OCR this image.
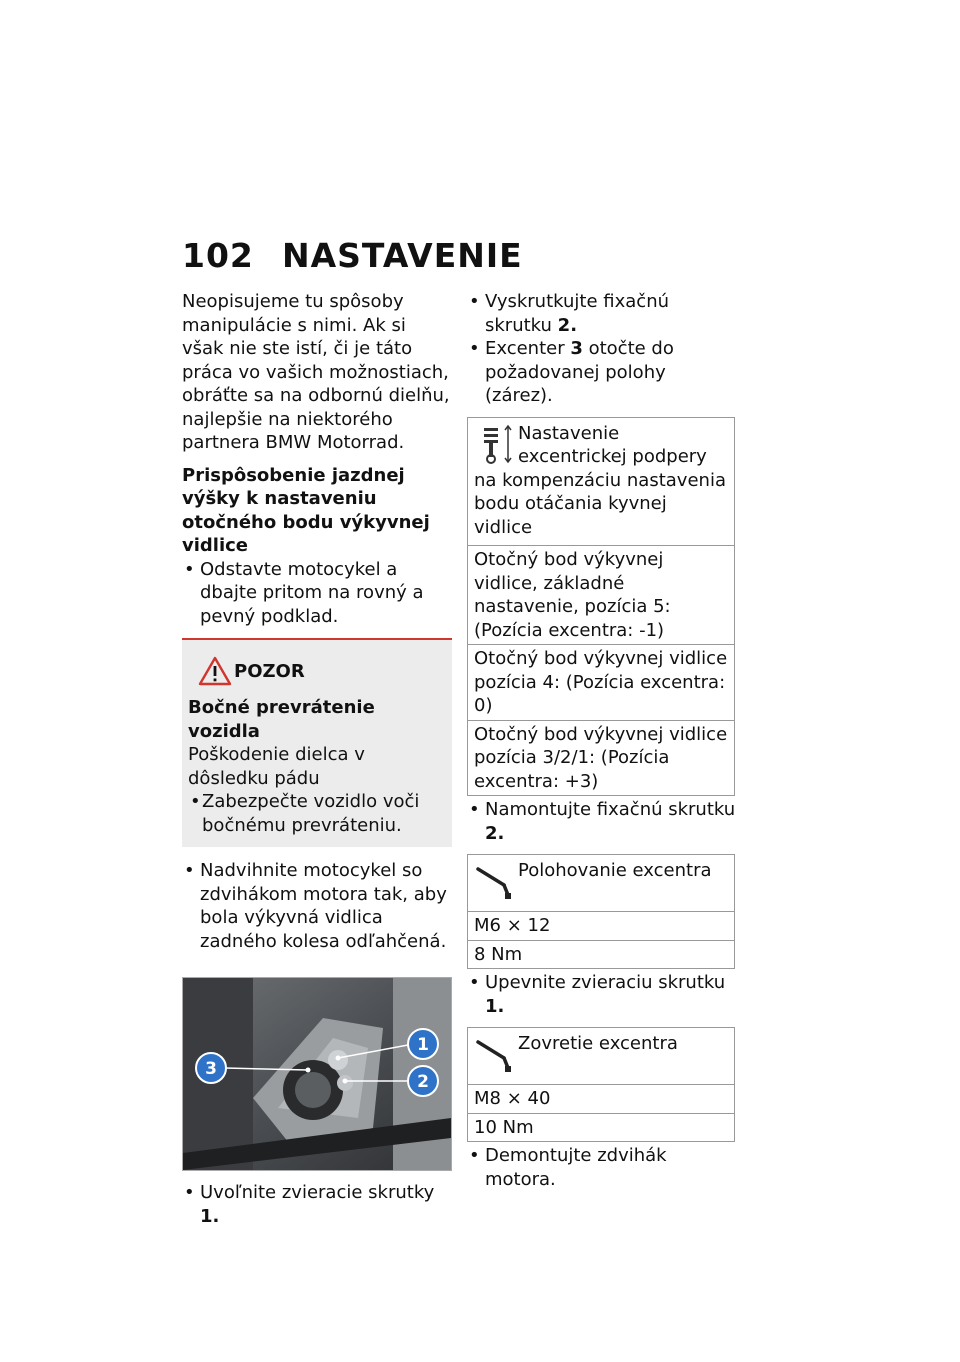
102 NASTAVENIE

Neopisujeme tu spôsoby manipulácie s nimi. Ak si však nie ste istí, či je táto práca vo vašich možnostiach, obráťte sa na odbornú dielňu, najlepšie na niektorého partnera BMW Motorrad.

Prispôsobenie jazdnej výšky k nastaveniu otočného bodu výkyvnej vidlice

• Odstavte motocykel a dbajte pritom na rovný a pevný podklad.

POZOR
Bočné prevrátenie vozidla
Poškodenie dielca v dôsledku pádu
• Zabezpečte vozidlo voči bočnému prevráteniu.

• Nadvihnite motocykel so zdvihákom motora tak, aby bola výkyvná vidlica zadného kolesa odľahčená.

1
2
3

• Uvoľnite zvieracie skrutky 1.

• Vyskrutkujte fixačnú skrutku 2.

• Excenter 3 otočte do požadovanej polohy (zárez).

Nastavenie excentrickej podpery na kompenzáciu nastavenia bodu otáčania kyvnej vidlice
Otočný bod výkyvnej vidlice, základné nastavenie, pozícia 5: (Pozícia excentra: -1)
Otočný bod výkyvnej vidlice pozícia 4: (Pozícia excentra: 0)
Otočný bod výkyvnej vidlice pozícia 3/2/1: (Pozícia excentra: +3)

• Namontujte fixačnú skrutku 2.

Polohovanie excentra
M6 × 12
8 Nm

• Upevnite zvieraciu skrutku 1.

Zovretie excentra
M8 × 40
10 Nm

• Demontujte zdvihák motora.
